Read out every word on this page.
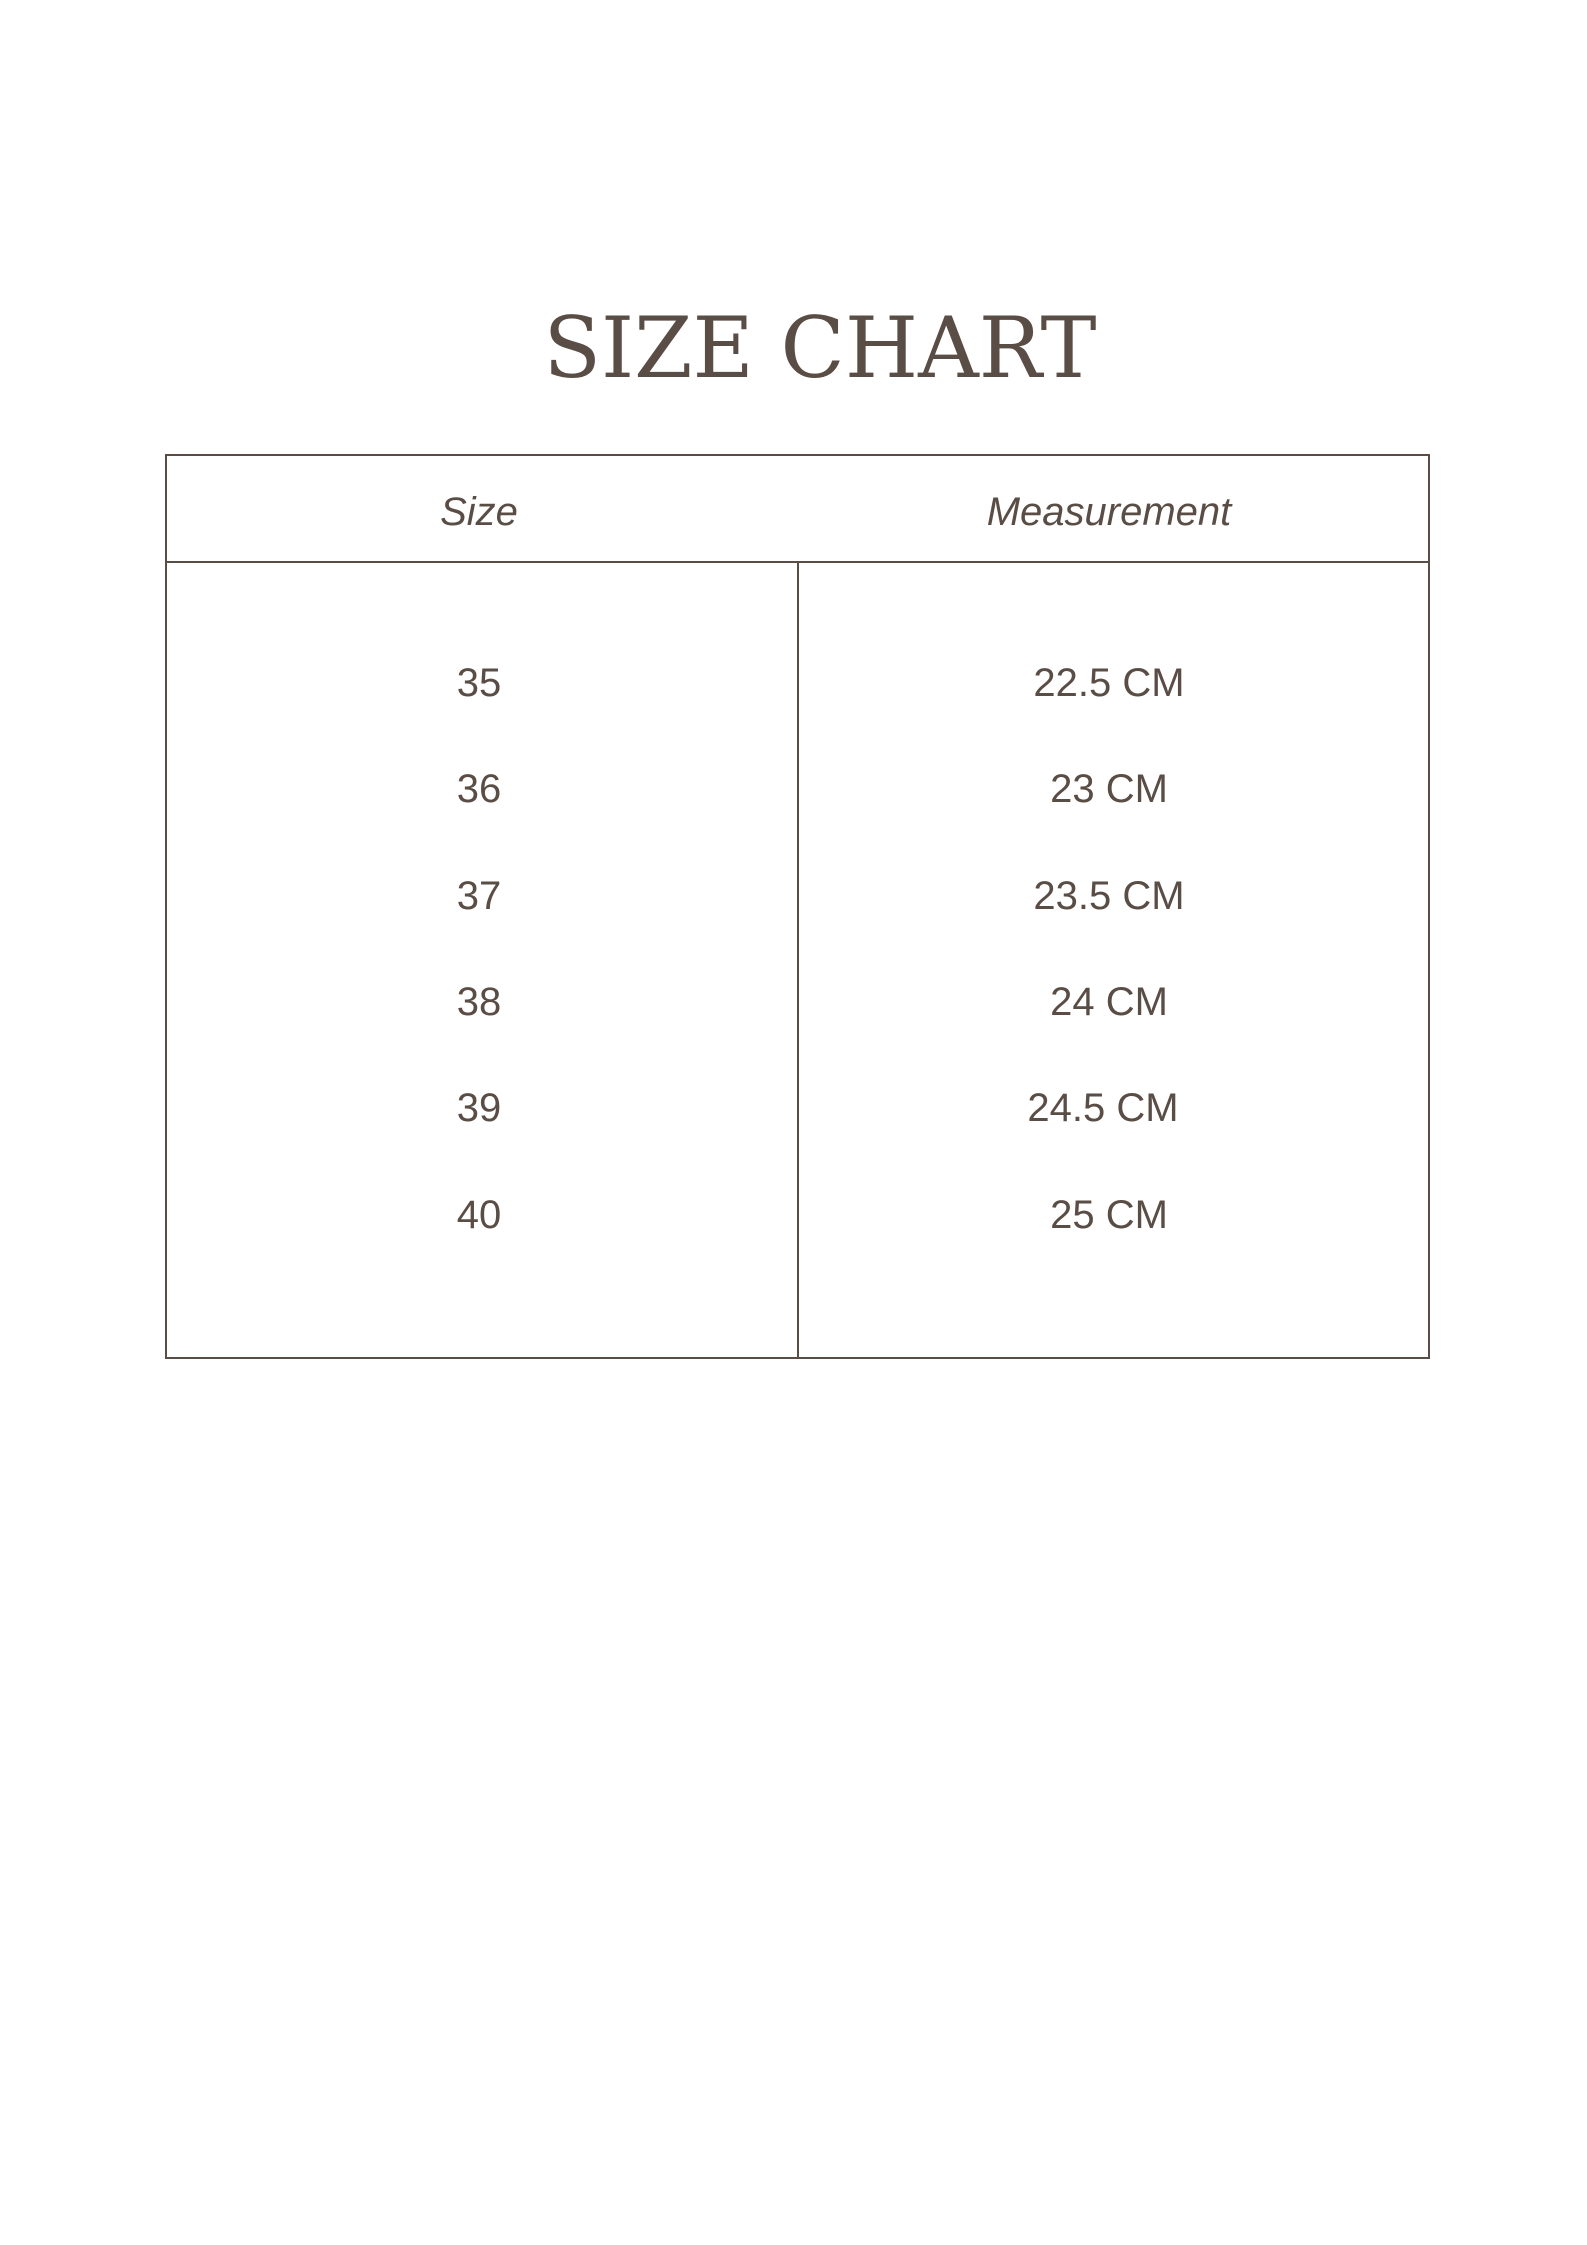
SIZE CHART
Size	Measurement
35	22.5 CM
36	23 CM
37	23.5 CM
38	24 CM
39	24.5 CM
40	25 CM
